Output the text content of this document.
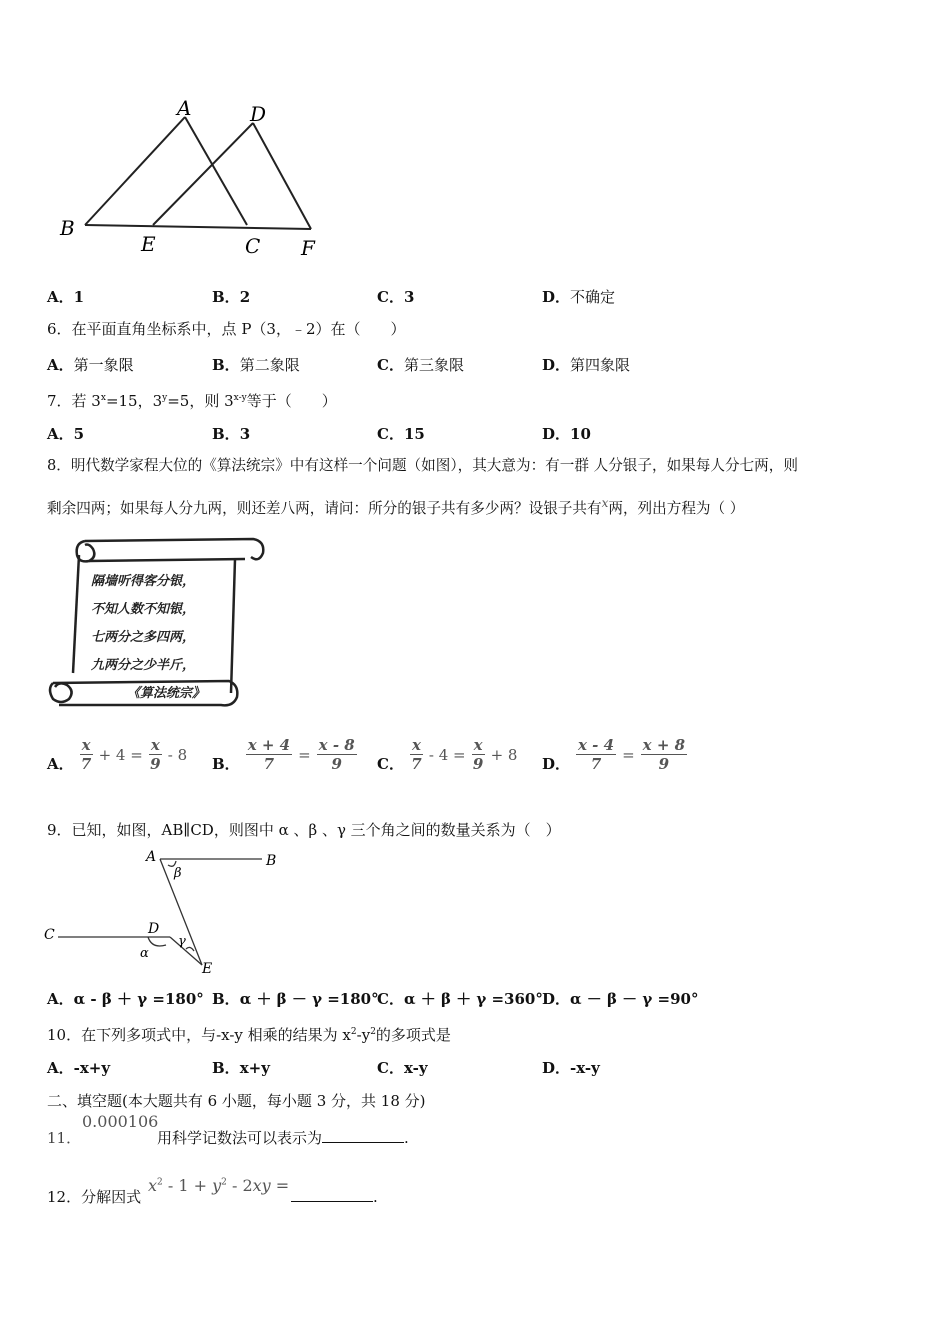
A	D
B
E	C F
A．1	B．2	C．3	D．不确定
6．在平面直角坐标系中，点 P（3，﹣2）在（　　）
A．第一象限	B．第二象限	C．第三象限	D．第四象限
7．若 $3^x=15$，$3^y=5$，则 3$^{x-y}$等于（　　）
A．5	B．3	C．15	D．10
8．明代数学家程大位的《算法统宗》中有这样一个问题（如图），其大意为：有一群 人分银子，如果每人分七两，则
剩余四两；如果每人分九两，则还差八两，请问：所分的银子共有多少两？设银子共有$^x$两，列出方程为（ ）
隔墙听得客分银，
不知人数不知银，
七两分之多四两，
九两分之少半斤，
《算法统宗》
A． $\frac{x}{7} + 4 = \frac{x}{9} - 8$
B． $\frac{x + 4}{7} = \frac{x - 8}{9}$ C． $\frac{x}{7} - 4 = \frac{x}{9} + 8$
D． $\frac{x - 4}{7} = \frac{x + 8}{9}$
9．已知，如图，AB∥CD，则图中 α 、β 、γ 三个角之间的数量关系为（　）
A	B
β
C	D
γ
α
E
A．α - β ＋ γ =180° B．α ＋ β － γ =180°
C．α ＋ β ＋ γ =360° D．α － β － γ =90°
10．在下列多项式中，与-x-y 相乘的结果为 $x^2-y^2$的多项式是
A．-x+y	B．x+y	C．x-y	D．-x-y
二、填空题(本大题共有 6 小题，每小题 3 分，共 18 分)
11．
0.000106
用科学记数法可以表示为	.
12．分解因式
$x^2 - 1 + y^2 - 2xy$ =
.
